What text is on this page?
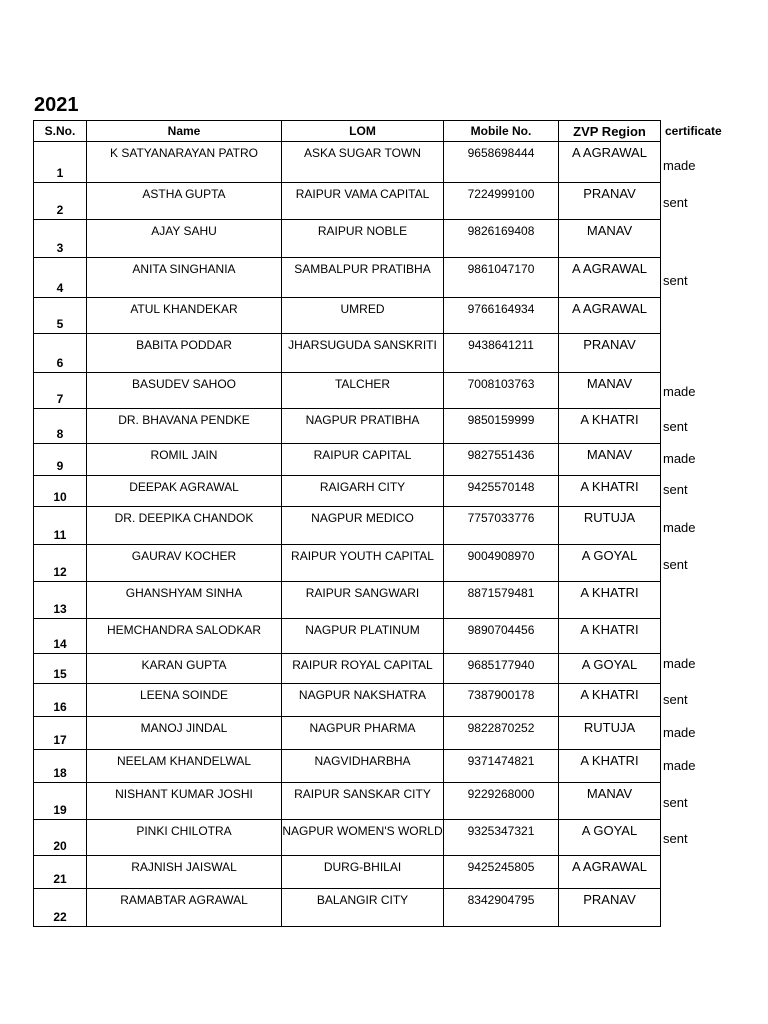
2021
S.No.	Name	LOM	Mobile No.	ZVP Region	certificate
1	K SATYANARAYAN PATRO	ASKA SUGAR TOWN	9658698444	A AGRAWAL	made
2	ASTHA GUPTA	RAIPUR VAMA CAPITAL	7224999100	PRANAV	sent
3	AJAY SAHU	RAIPUR NOBLE	9826169408	MANAV	
4	ANITA SINGHANIA	SAMBALPUR PRATIBHA	9861047170	A AGRAWAL	sent
5	ATUL KHANDEKAR	UMRED	9766164934	A AGRAWAL	
6	BABITA PODDAR	JHARSUGUDA SANSKRITI	9438641211	PRANAV	
7	BASUDEV SAHOO	TALCHER	7008103763	MANAV	made
8	DR. BHAVANA PENDKE	NAGPUR PRATIBHA	9850159999	A KHATRI	sent
9	ROMIL JAIN	RAIPUR CAPITAL	9827551436	MANAV	made
10	DEEPAK AGRAWAL	RAIGARH CITY	9425570148	A KHATRI	sent
11	DR. DEEPIKA CHANDOK	NAGPUR MEDICO	7757033776	RUTUJA	made
12	GAURAV KOCHER	RAIPUR YOUTH CAPITAL	9004908970	A GOYAL	sent
13	GHANSHYAM SINHA	RAIPUR SANGWARI	8871579481	A KHATRI	
14	HEMCHANDRA SALODKAR	NAGPUR PLATINUM	9890704456	A KHATRI	
15	KARAN GUPTA	RAIPUR ROYAL CAPITAL	9685177940	A GOYAL	made
16	LEENA SOINDE	NAGPUR NAKSHATRA	7387900178	A KHATRI	sent
17	MANOJ JINDAL	NAGPUR PHARMA	9822870252	RUTUJA	made
18	NEELAM KHANDELWAL	NAGVIDHARBHA	9371474821	A KHATRI	made
19	NISHANT KUMAR JOSHI	RAIPUR SANSKAR CITY	9229268000	MANAV	sent
20	PINKI CHILOTRA	NAGPUR WOMEN'S WORLD	9325347321	A GOYAL	sent
21	RAJNISH JAISWAL	DURG-BHILAI	9425245805	A AGRAWAL	
22	RAMABTAR AGRAWAL	BALANGIR CITY	8342904795	PRANAV	
